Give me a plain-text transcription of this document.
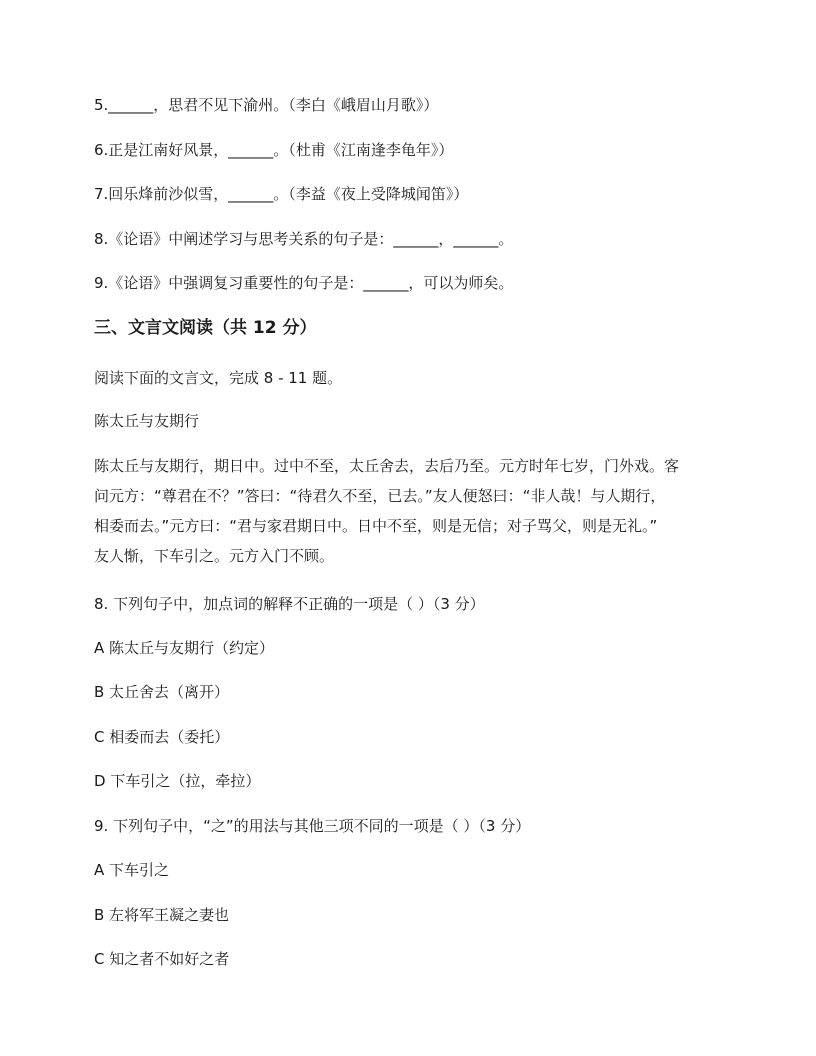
5.______，思君不见下渝州。（李白《峨眉山月歌》）
6.正是江南好风景，______。（杜甫《江南逢李龟年》）
7.回乐烽前沙似雪，______。（李益《夜上受降城闻笛》）
8.《论语》中阐述学习与思考关系的句子是：______，______。
9.《论语》中强调复习重要性的句子是：______，可以为师矣。
三、文言文阅读（共 12 分）
阅读下面的文言文，完成 8 - 11 题。
陈太丘与友期行
陈太丘与友期行，期日中。过中不至，太丘舍去，去后乃至。元方时年七岁，门外戏。客
问元方：“尊君在不？”答曰：“待君久不至，已去。”友人便怒曰：“非人哉！与人期行，
相委而去。”元方曰：“君与家君期日中。日中不至，则是无信；对子骂父，则是无礼。”
友人惭，下车引之。元方入门不顾。
8. 下列句子中，加点词的解释不正确的一项是（ ）（3 分）
A 陈太丘与友期行（约定）
B 太丘舍去（离开）
C 相委而去（委托）
D 下车引之（拉，牵拉）
9. 下列句子中，“之”的用法与其他三项不同的一项是（ ）（3 分）
A 下车引之
B 左将军王凝之妻也
C 知之者不如好之者
